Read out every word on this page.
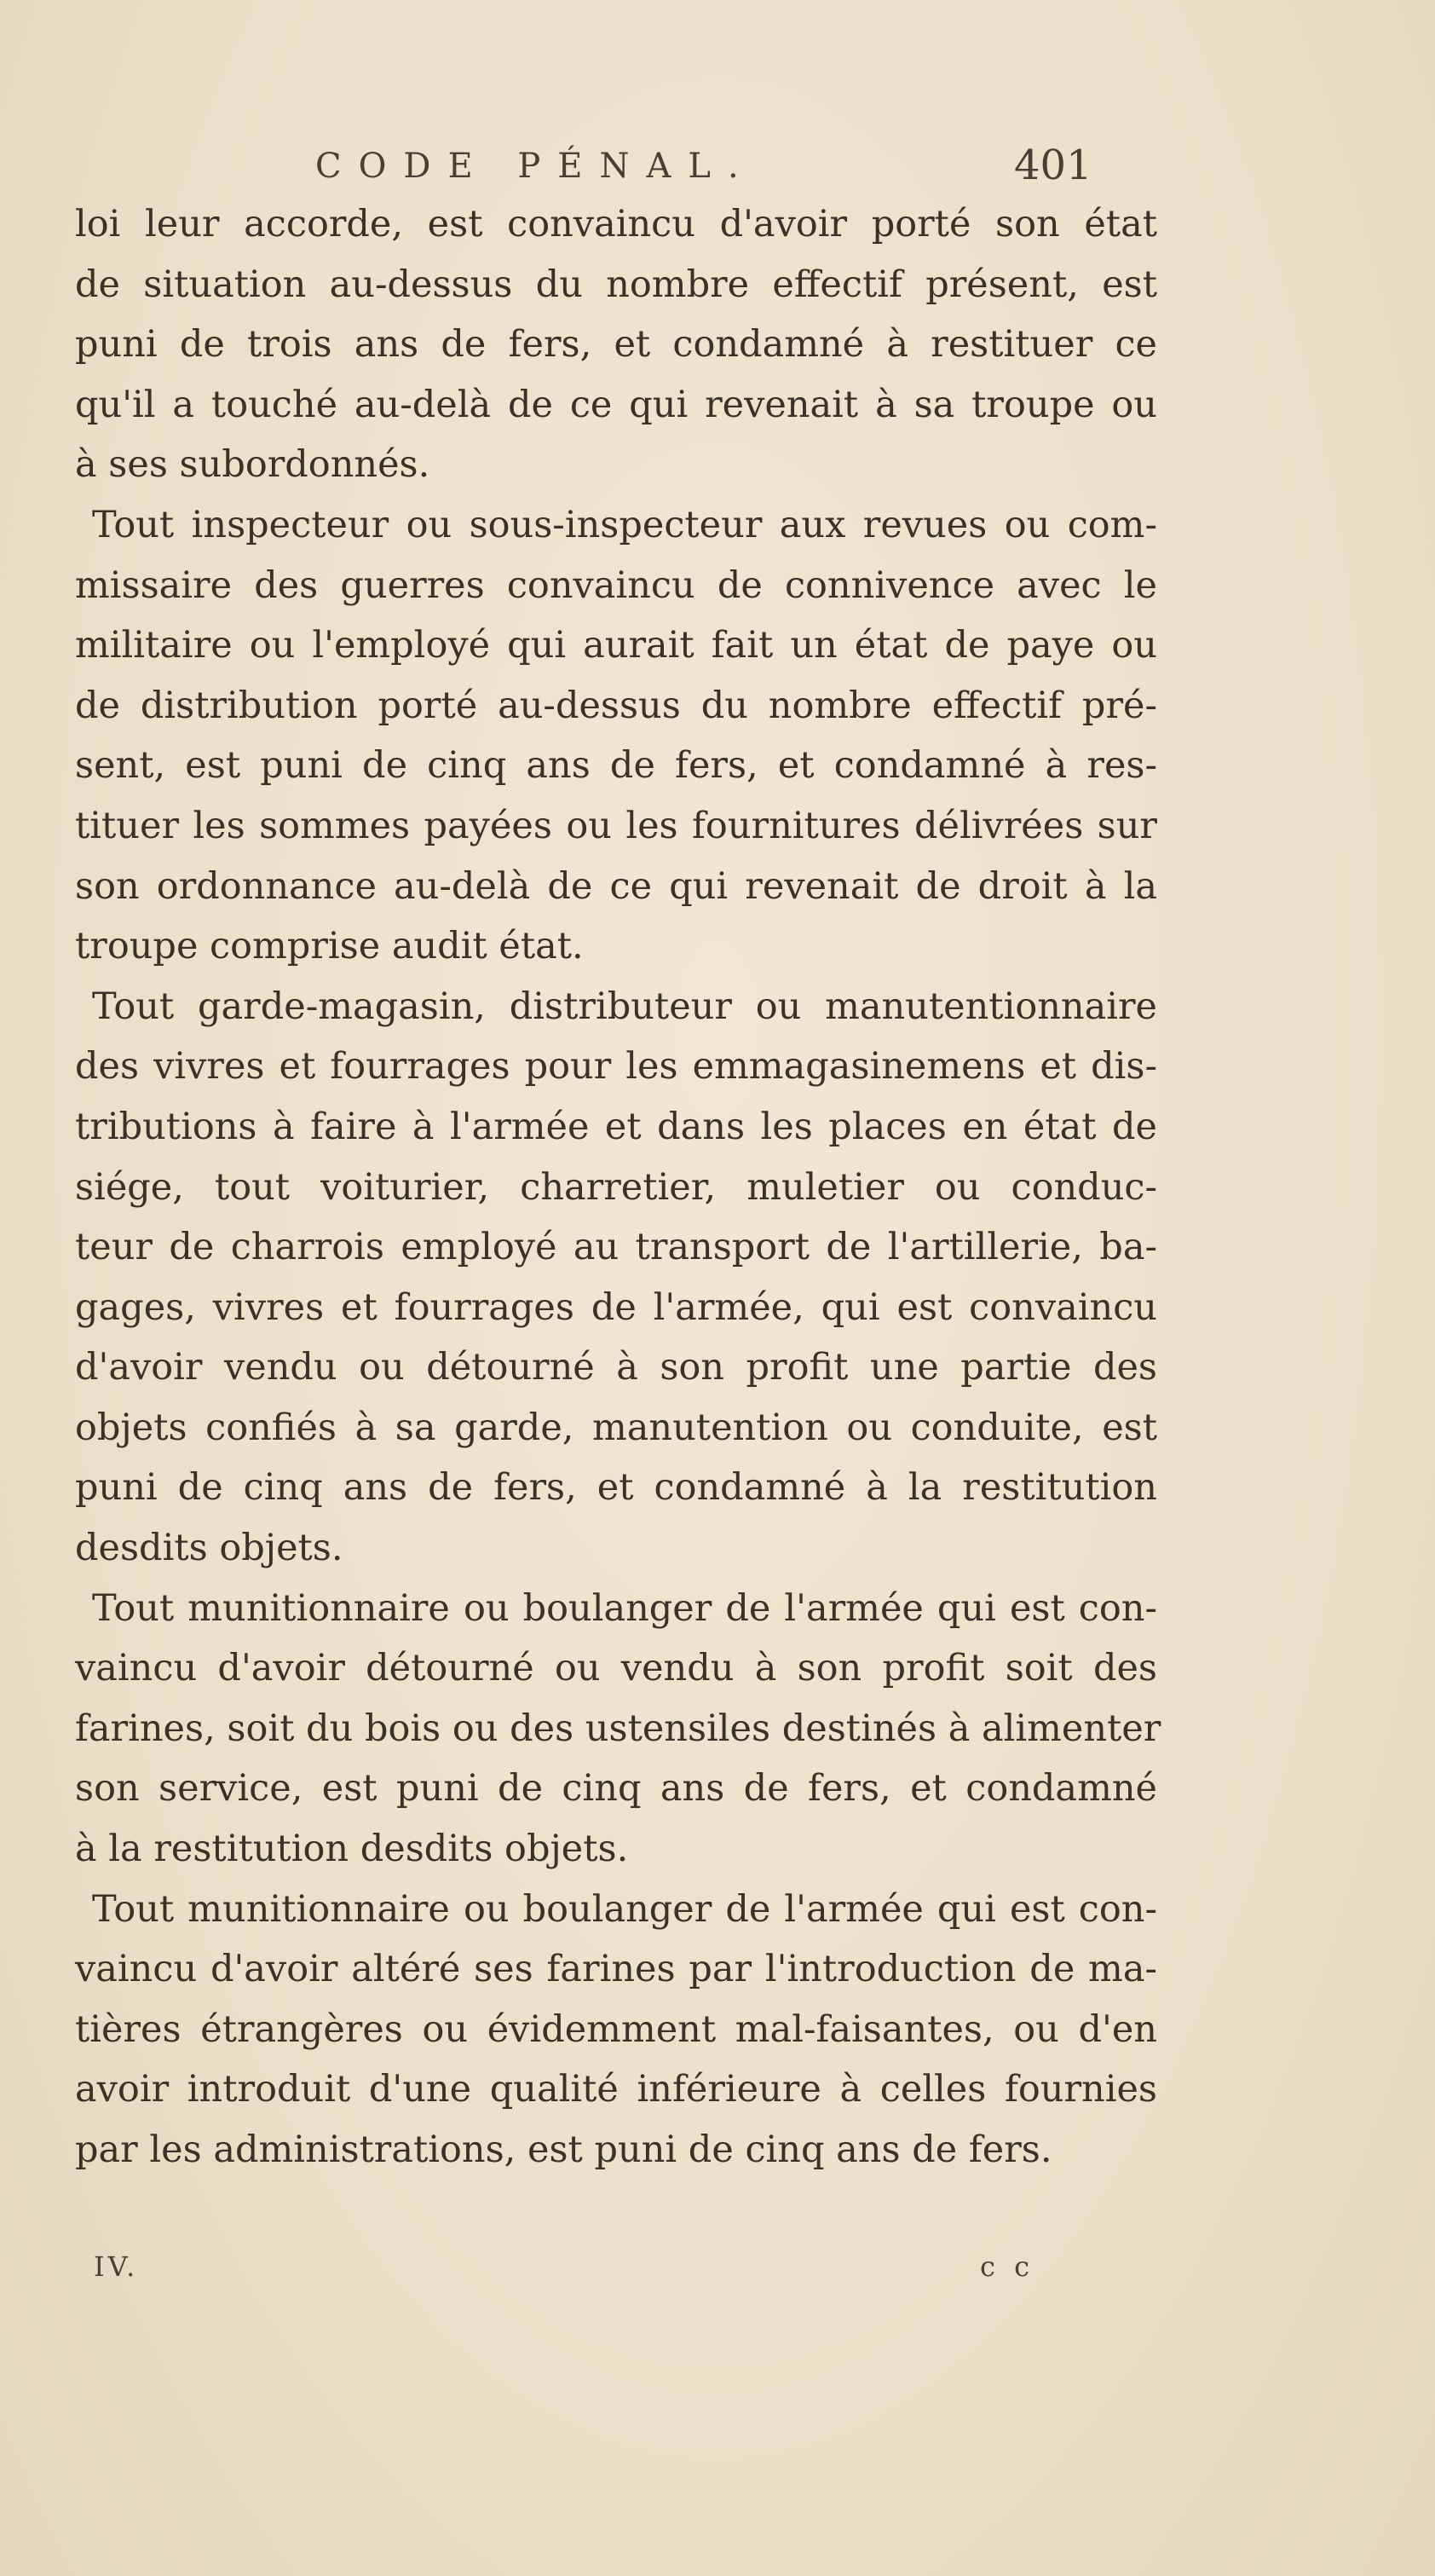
CODE PÉNAL.	401
loi leur accorde, est convaincu d'avoir porté son état
de situation au-dessus du nombre effectif présent, est
puni de trois ans de fers, et condamné à restituer ce
qu'il a touché au-delà de ce qui revenait à sa troupe ou
à ses subordonnés.
Tout inspecteur ou sous-inspecteur aux revues ou com-
missaire des guerres convaincu de connivence avec le
militaire ou l'employé qui aurait fait un état de paye ou
de distribution porté au-dessus du nombre effectif pré-
sent, est puni de cinq ans de fers, et condamné à res-
tituer les sommes payées ou les fournitures délivrées sur
son ordonnance au-delà de ce qui revenait de droit à la
troupe comprise audit état.
Tout garde-magasin, distributeur ou manutentionnaire
des vivres et fourrages pour les emmagasinemens et dis-
tributions à faire à l'armée et dans les places en état de
siége, tout voiturier, charretier, muletier ou conduc-
teur de charrois employé au transport de l'artillerie, ba-
gages, vivres et fourrages de l'armée, qui est convaincu
d'avoir vendu ou détourné à son profit une partie des
objets confiés à sa garde, manutention ou conduite, est
puni de cinq ans de fers, et condamné à la restitution
desdits objets.
Tout munitionnaire ou boulanger de l'armée qui est con-
vaincu d'avoir détourné ou vendu à son profit soit des
farines, soit du bois ou des ustensiles destinés à alimenter
son service, est puni de cinq ans de fers, et condamné
à la restitution desdits objets.
Tout munitionnaire ou boulanger de l'armée qui est con-
vaincu d'avoir altéré ses farines par l'introduction de ma-
tières étrangères ou évidemment mal-faisantes, ou d'en
avoir introduit d'une qualité inférieure à celles fournies
par les administrations, est puni de cinq ans de fers.
IV.	c c
